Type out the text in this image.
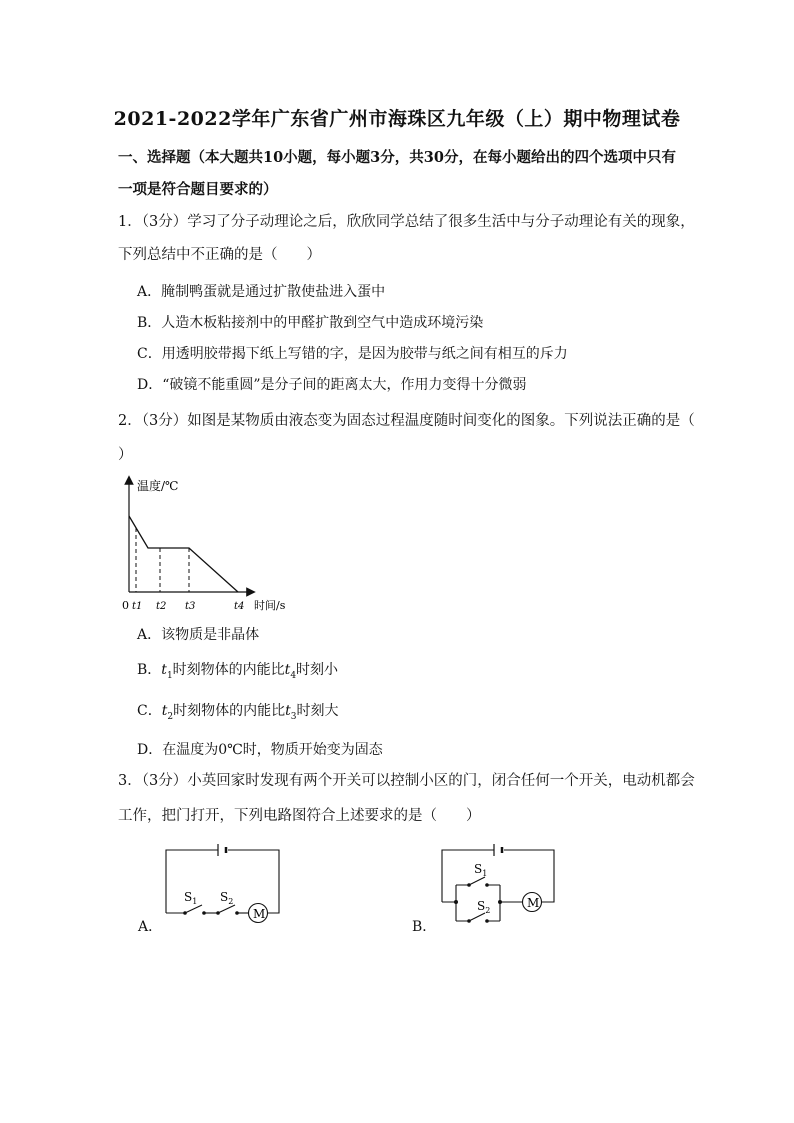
2021-2022学年广东省广州市海珠区九年级（上）期中物理试卷
一、选择题（本大题共10小题，每小题3分，共30分，在每小题给出的四个选项中只有
一项是符合题目要求的）
1．（3分）学习了分子动理论之后，欣欣同学总结了很多生活中与分子动理论有关的现象，
下列总结中不正确的是（　　）
A．腌制鸭蛋就是通过扩散使盐进入蛋中
B．人造木板粘接剂中的甲醛扩散到空气中造成环境污染
C．用透明胶带揭下纸上写错的字，是因为胶带与纸之间有相互的斥力
D．“破镜不能重圆”是分子间的距离太大，作用力变得十分微弱
2．（3分）如图是某物质由液态变为固态过程温度随时间变化的图象。下列说法正确的是（
）
温度/℃
时间/s
0 t1 t2 t3	t4
A．该物质是非晶体
B．$t_1$时刻物体的内能比$t_4$时刻小
C．$t_2$时刻物体的内能比$t_3$时刻大
D．在温度为0℃时，物质开始变为固态
3．（3分）小英回家时发现有两个开关可以控制小区的门，闭合任何一个开关，电动机都会
工作，把门打开，下列电路图符合上述要求的是（　　）
A．
M
$S_1$ $S_2$
B．
M
$S_1$
$S_2$
